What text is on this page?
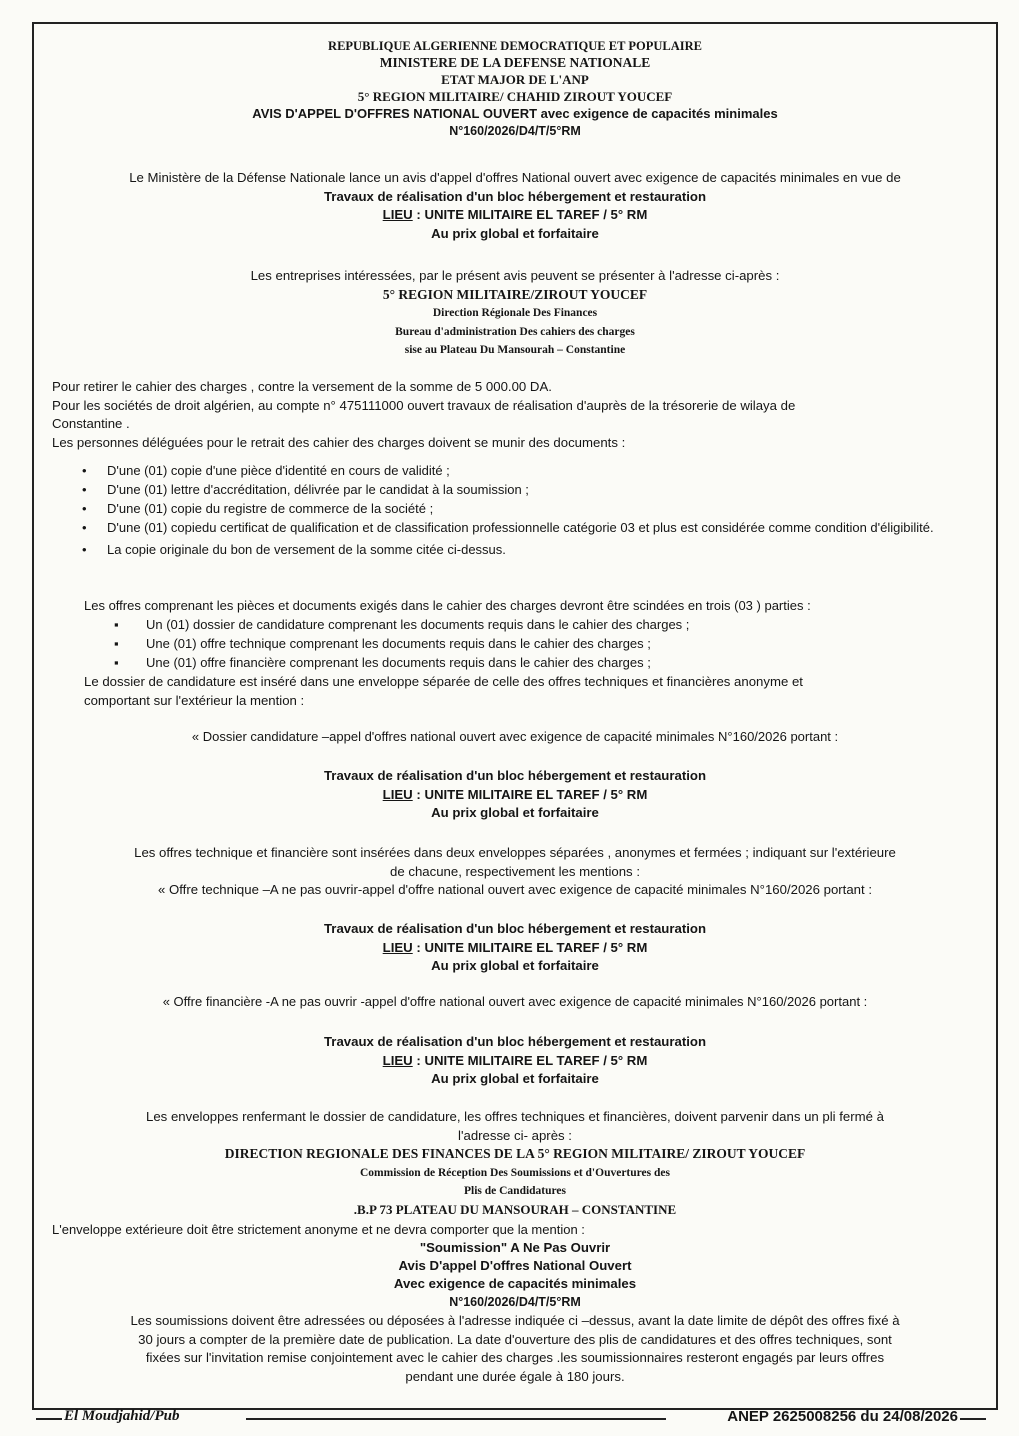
REPUBLIQUE ALGERIENNE DEMOCRATIQUE ET POPULAIRE
MINISTERE DE LA DEFENSE NATIONALE
ETAT MAJOR DE L'ANP
5° REGION MILITAIRE/ CHAHID ZIROUT YOUCEF
AVIS D'APPEL D'OFFRES NATIONAL OUVERT avec exigence de capacités minimales
N°160/2026/D4/T/5°RM
Le Ministère de la Défense Nationale lance un avis d'appel d'offres National ouvert avec exigence de capacités minimales en vue de
Travaux de réalisation d'un bloc hébergement et restauration
LIEU : UNITE MILITAIRE EL TAREF / 5° RM
Au prix global et forfaitaire
Les entreprises intéressées, par le présent avis peuvent se présenter à l'adresse ci-après :
5° REGION MILITAIRE/ZIROUT YOUCEF
Direction Régionale Des Finances
Bureau d'administration Des cahiers des charges
sise au Plateau Du Mansourah – Constantine
Pour retirer le cahier des charges , contre la versement de la somme de 5 000.00 DA.
Pour les sociétés de droit algérien, au compte n° 475111000 ouvert travaux de réalisation d'auprès de la trésorerie de wilaya de
Constantine .
Les personnes déléguées pour le retrait des cahier des charges doivent se munir des documents :
• D'une (01) copie d'une pièce d'identité en cours de validité ;
• D'une (01) lettre d'accréditation, délivrée par le candidat à la soumission ;
• D'une (01) copie du registre de commerce de la société ;
• D'une (01) copiedu certificat de qualification et de classification professionnelle catégorie 03 et plus est considérée comme condition d'éligibilité.
• La copie originale du bon de versement de la somme citée ci-dessus.
Les offres comprenant les pièces et documents exigés dans le cahier des charges devront être scindées en trois (03 ) parties :
▪ Un (01) dossier de candidature comprenant les documents requis dans le cahier des charges ;
▪ Une (01) offre technique comprenant les documents requis dans le cahier des charges ;
▪ Une (01) offre financière comprenant les documents requis dans le cahier des charges ;
Le dossier de candidature est inséré dans une enveloppe séparée de celle des offres techniques et financières anonyme et
comportant sur l'extérieur la mention :
« Dossier candidature –appel d'offres national ouvert avec exigence de capacité minimales N°160/2026 portant :
Travaux de réalisation d'un bloc hébergement et restauration
LIEU : UNITE MILITAIRE EL TAREF / 5° RM
Au prix global et forfaitaire
Les offres technique et financière sont insérées dans deux enveloppes séparées , anonymes et fermées ; indiquant sur l'extérieure
de chacune, respectivement les mentions :
« Offre technique –A ne pas ouvrir-appel d'offre national ouvert avec exigence de capacité minimales N°160/2026 portant :
Travaux de réalisation d'un bloc hébergement et restauration
LIEU : UNITE MILITAIRE EL TAREF / 5° RM
Au prix global et forfaitaire
« Offre financière -A ne pas ouvrir -appel d'offre national ouvert avec exigence de capacité minimales N°160/2026 portant :
Travaux de réalisation d'un bloc hébergement et restauration
LIEU : UNITE MILITAIRE EL TAREF / 5° RM
Au prix global et forfaitaire
Les enveloppes renfermant le dossier de candidature, les offres techniques et financières, doivent parvenir dans un pli fermé à
l'adresse ci- après :
DIRECTION REGIONALE DES FINANCES DE LA 5° REGION MILITAIRE/ ZIROUT YOUCEF
Commission de Réception Des Soumissions et d'Ouvertures des
Plis de Candidatures
.B.P 73 PLATEAU DU MANSOURAH – CONSTANTINE
L'enveloppe extérieure doit être strictement anonyme et ne devra comporter que la mention :
"Soumission" A Ne Pas Ouvrir
Avis D'appel D'offres National Ouvert
Avec exigence de capacités minimales
N°160/2026/D4/T/5°RM
Les soumissions doivent être adressées ou déposées à l'adresse indiquée ci –dessus, avant la date limite de dépôt des offres fixé à
30 jours a compter de la première date de publication. La date d'ouverture des plis de candidatures et des offres techniques, sont
fixées sur l'invitation remise conjointement avec le cahier des charges .les soumissionnaires resteront engagés par leurs offres
pendant une durée égale à 180 jours.
El Moudjahid/Pub	ANEP 2625008256 du 24/08/2026
